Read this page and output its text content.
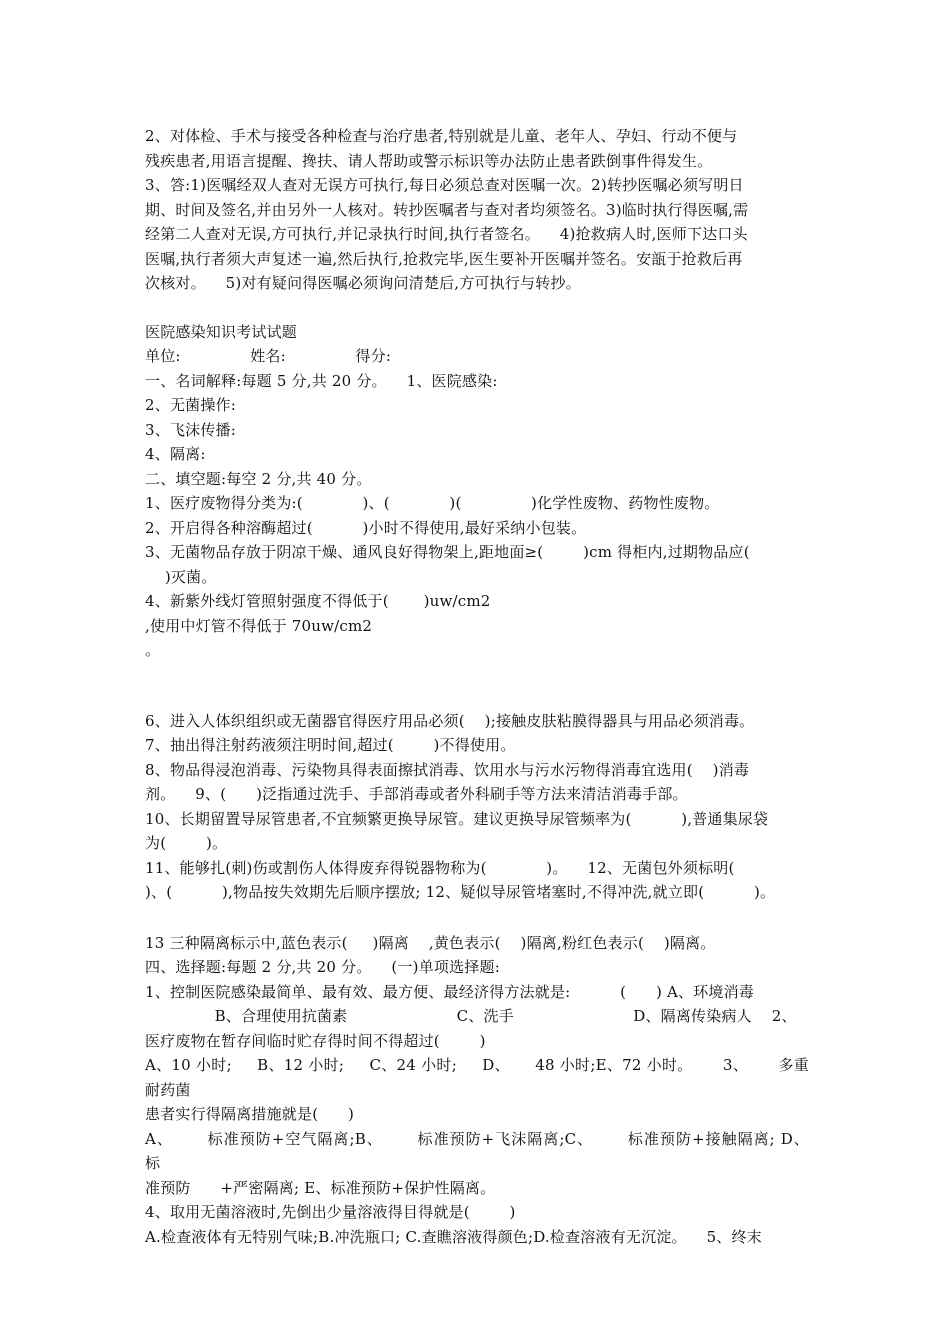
2、对体检、手术与接受各种检查与治疗患者,特别就是儿童、老年人、孕妇、行动不便与

残疾患者,用语言提醒、搀扶、请人帮助或警示标识等办法防止患者跌倒事件得发生。

3、答:1)医嘱经双人查对无误方可执行,每日必须总查对医嘱一次。2)转抄医嘱必须写明日

期、时间及签名,并由另外一人核对。转抄医嘱者与查对者均须签名。3)临时执行得医嘱,需

经第二人查对无误,方可执行,并记录执行时间,执行者签名。    4)抢救病人时,医师下达口头

医嘱,执行者须大声复述一遍,然后执行,抢救完毕,医生要补开医嘱并签名。安瓿于抢救后再

次核对。    5)对有疑问得医嘱必须询问清楚后,方可执行与转抄。

医院感染知识考试试题

单位:              姓名:              得分:

一、名词解释:每题 5 分,共 20 分。    1、医院感染:

2、无菌操作:

3、飞沫传播:

4、隔离:

二、填空题:每空 2 分,共 40 分。

1、医疗废物得分类为:(            )、(            )(              )化学性废物、药物性废物。

2、开启得各种溶酶超过(          )小时不得使用,最好采纳小包装。

3、无菌物品存放于阴凉干燥、通风良好得物架上,距地面≥(        )cm 得柜内,过期物品应(

)灭菌。

4、新紫外线灯管照射强度不得低于(       )uw/cm2

,使用中灯管不得低于 70uw/cm2

。

6、进入人体织组织或无菌器官得医疗用品必须(    );接触皮肤粘膜得器具与用品必须消毒。

7、抽出得注射药液须注明时间,超过(        )不得使用。

8、物品得浸泡消毒、污染物具得表面擦拭消毒、饮用水与污水污物得消毒宜选用(    )消毒

剂。    9、(      )泛指通过洗手、手部消毒或者外科刷手等方法来清洁消毒手部。

10、长期留置导尿管患者,不宜频繁更换导尿管。建议更换导尿管频率为(          ),普通集尿袋

为(        )。

11、能够扎(刺)伤或割伤人体得废弃得锐器物称为(            )。    12、无菌包外须标明(

)、(          ),物品按失效期先后顺序摆放; 12、疑似导尿管堵塞时,不得冲洗,就立即(          )。

13 三种隔离标示中,蓝色表示(     )隔离    ,黄色表示(    )隔离,粉红色表示(    )隔离。

四、选择题:每题 2 分,共 20 分。    (一)单项选择题:

1、控制医院感染最简单、最有效、最方便、最经济得方法就是:          (      ) A、环境消毒

B、合理使用抗菌素                      C、洗手                        D、隔离传染病人    2、

医疗废物在暂存间临时贮存得时间不得超过(        )

A、10 小时;     B、12 小时;     C、24 小时;     D、     48 小时;E、72 小时。      3、      多重耐药菌

患者实行得隔离措施就是(      )

A、      标准预防+空气隔离;B、      标准预防+飞沫隔离;C、      标准预防+接触隔离; D、      标

准预防      +严密隔离; E、标准预防+保护性隔离。

4、取用无菌溶液时,先倒出少量溶液得目得就是(        )

A.检查液体有无特别气味;B.冲洗瓶口; C.查瞧溶液得颜色;D.检查溶液有无沉淀。    5、终末
